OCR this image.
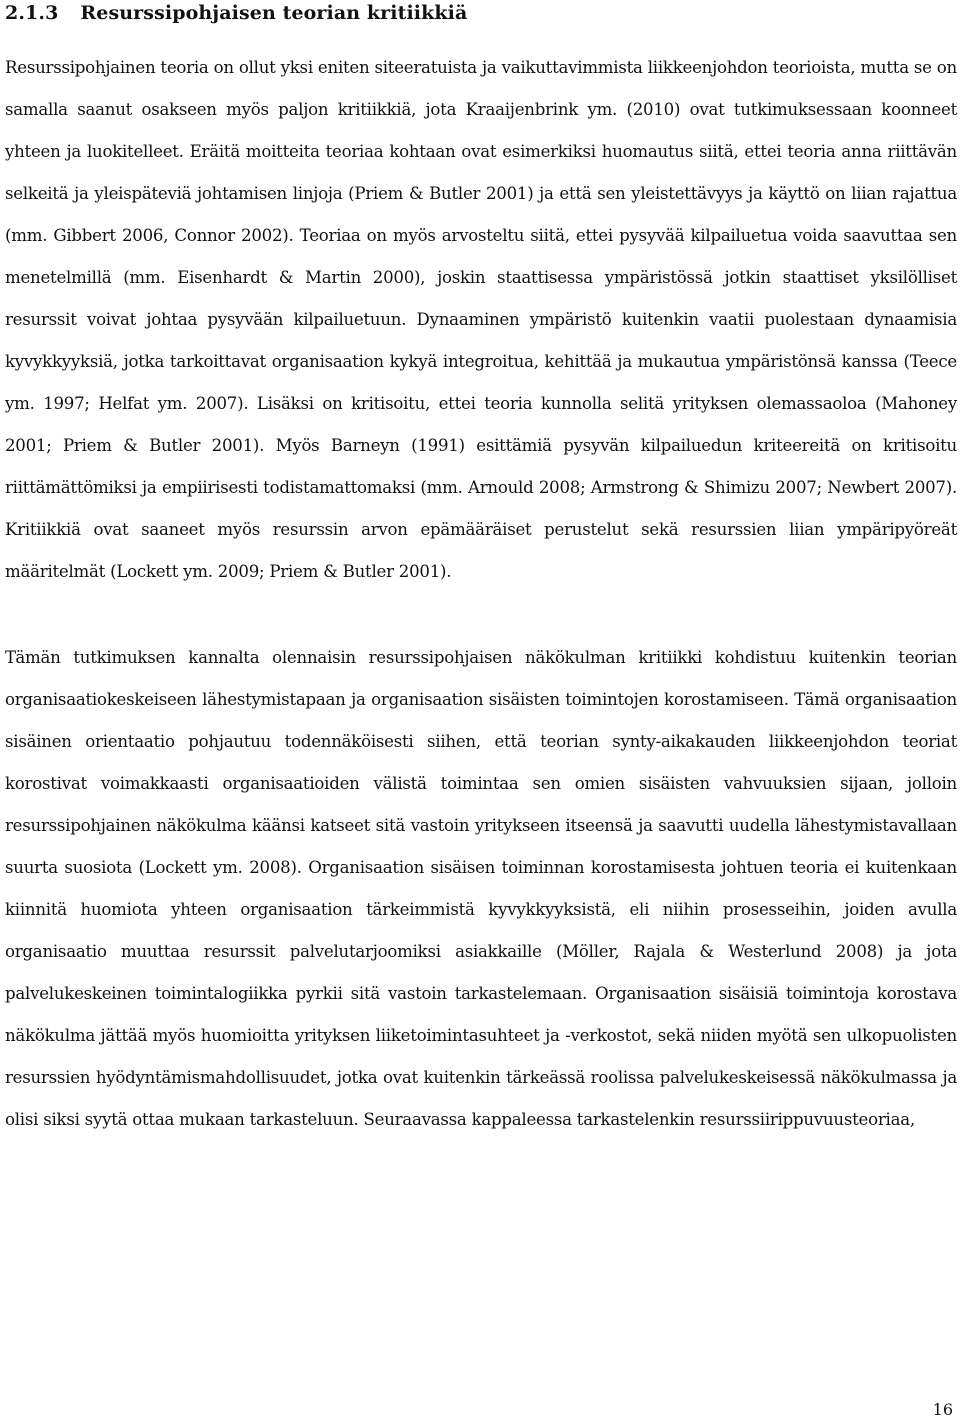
2.1.3 Resurssipohjaisen teorian kritiikkiä

Resurssipohjainen teoria on ollut yksi eniten siteeratuista ja vaikuttavimmista liikkeenjohdon teorioista, mutta se on samalla saanut osakseen myös paljon kritiikkiä, jota Kraaijenbrink ym. (2010) ovat tutkimuksessaan koonneet yhteen ja luokitelleet. Eräitä moitteita teoriaa kohtaan ovat esimerkiksi huomautus siitä, ettei teoria anna riittävän selkeitä ja yleispäteviä johtamisen linjoja (Priem & Butler 2001) ja että sen yleistettävyys ja käyttö on liian rajattua (mm. Gibbert 2006, Connor 2002). Teoriaa on myös arvosteltu siitä, ettei pysyvää kilpailuetua voida saavuttaa sen menetelmillä (mm. Eisenhardt & Martin 2000), joskin staattisessa ympäristössä jotkin staattiset yksilölliset resurssit voivat johtaa pysyvään kilpailuetuun. Dynaaminen ympäristö kuitenkin vaatii puolestaan dynaamisia kyvykkyyksiä, jotka tarkoittavat organisaation kykyä integroitua, kehittää ja mukautua ympäristönsä kanssa (Teece ym. 1997; Helfat ym. 2007). Lisäksi on kritisoitu, ettei teoria kunnolla selitä yrityksen olemassaoloa (Mahoney 2001; Priem & Butler 2001). Myös Barneyn (1991) esittämiä pysyvän kilpailuedun kriteereitä on kritisoitu riittämättömiksi ja empiirisesti todistamattomaksi (mm. Arnould 2008; Armstrong & Shimizu 2007; Newbert 2007). Kritiikkiä ovat saaneet myös resurssin arvon epämääräiset perustelut sekä resurssien liian ympäripyöreät määritelmät (Lockett ym. 2009; Priem & Butler 2001).

Tämän tutkimuksen kannalta olennaisin resurssipohjaisen näkökulman kritiikki kohdistuu kuitenkin teorian organisaatiokeskeiseen lähestymistapaan ja organisaation sisäisten toimintojen korostamiseen. Tämä organisaation sisäinen orientaatio pohjautuu todennäköisesti siihen, että teorian synty-aikakauden liikkeenjohdon teoriat korostivat voimakkaasti organisaatioiden välistä toimintaa sen omien sisäisten vahvuuksien sijaan, jolloin resurssipohjainen näkökulma käänsi katseet sitä vastoin yritykseen itseensä ja saavutti uudella lähestymistavallaan suurta suosiota (Lockett ym. 2008). Organisaation sisäisen toiminnan korostamisesta johtuen teoria ei kuitenkaan kiinnitä huomiota yhteen organisaation tärkeimmistä kyvykkyyksistä, eli niihin prosesseihin, joiden avulla organisaatio muuttaa resurssit palvelutarjoomiksi asiakkaille (Möller, Rajala & Westerlund 2008) ja jota palvelukeskeinen toimintalogiikka pyrkii sitä vastoin tarkastelemaan. Organisaation sisäisiä toimintoja korostava näkökulma jättää myös huomioitta yrityksen liiketoimintasuhteet ja -verkostot, sekä niiden myötä sen ulkopuolisten resurssien hyödyntämismahdollisuudet, jotka ovat kuitenkin tärkeässä roolissa palvelukeskeisessä näkökulmassa ja olisi siksi syytä ottaa mukaan tarkasteluun. Seuraavassa kappaleessa tarkastelenkin resurssiirippuvuusteoriaa,

16
